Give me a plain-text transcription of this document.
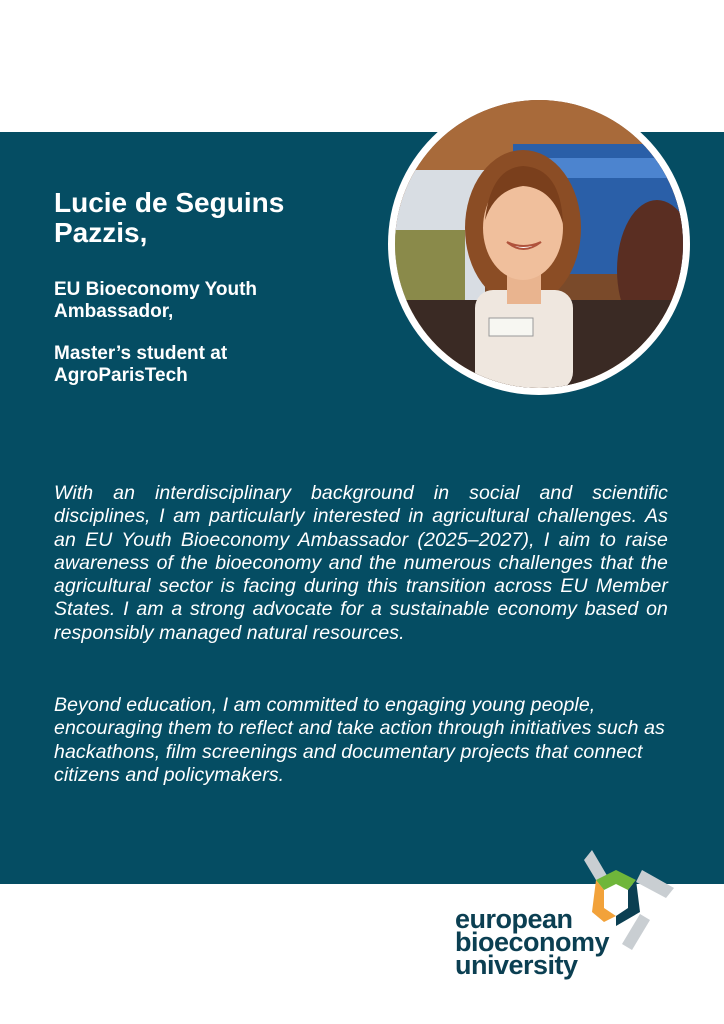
Lucie de Seguins Pazzis,

EU Bioeconomy Youth Ambassador,

Master’s student at AgroParisTech

With an interdisciplinary background in social and scientific disciplines, I am particularly interested in agricultural challenges. As an EU Youth Bioeconomy Ambassador (2025–2027), I aim to raise awareness of the bioeconomy and the numerous challenges that the agricultural sector is facing during this transition across EU Member States. I am a strong advocate for a sustainable economy based on responsibly managed natural resources.

Beyond education, I am committed to engaging young people, encouraging them to reflect and take action through initiatives such as hackathons, film screenings and documentary projects that connect citizens and policymakers.

european
bioeconomy
university
